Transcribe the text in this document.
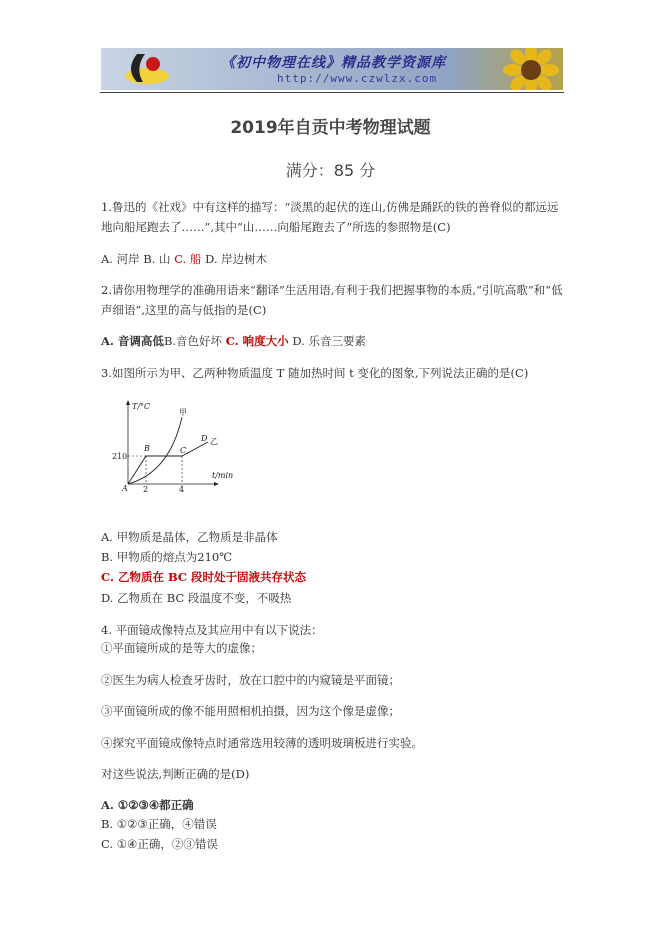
《初中物理在线》精品教学资源库
http://www.czwlzx.com
2019年自贡中考物理试题
满分：85 分
1.鲁迅的《社戏》中有这样的描写：“淡黑的起伏的连山,仿佛是踊跃的铁的兽脊似的都远远
地向船尾跑去了……”,其中“山……向船尾跑去了”所选的参照物是(C)
A. 河岸 B. 山 C. 船 D. 岸边树木
2.请你用物理学的准确用语来“翻译”生活用语,有利于我们把握事物的本质,“引吭高歌”和“低
声细语”,这里的高与低指的是(C)
A. 音调高低B.音色好坏 C. 响度大小 D. 乐音三要素
3.如图所示为甲、乙两种物质温度 T 随加热时间 t 变化的图象,下列说法正确的是(C)
T/°C
t/min
210
2	4
A
B	C
D
甲
乙
A. 甲物质是晶体，乙物质是非晶体
B. 甲物质的熔点为210℃
C. 乙物质在 BC 段时处于固液共存状态
D. 乙物质在 BC 段温度不变，不吸热
4. 平面镜成像特点及其应用中有以下说法：
①平面镜所成的是等大的虚像；
②医生为病人检查牙齿时，放在口腔中的内窥镜是平面镜；
③平面镜所成的像不能用照相机拍摄，因为这个像是虚像；
④探究平面镜成像特点时通常选用较薄的透明玻璃板进行实验。
对这些说法,判断正确的是(D)
A. ①②③④都正确
B. ①②③正确，④错误
C. ①④正确，②③错误
